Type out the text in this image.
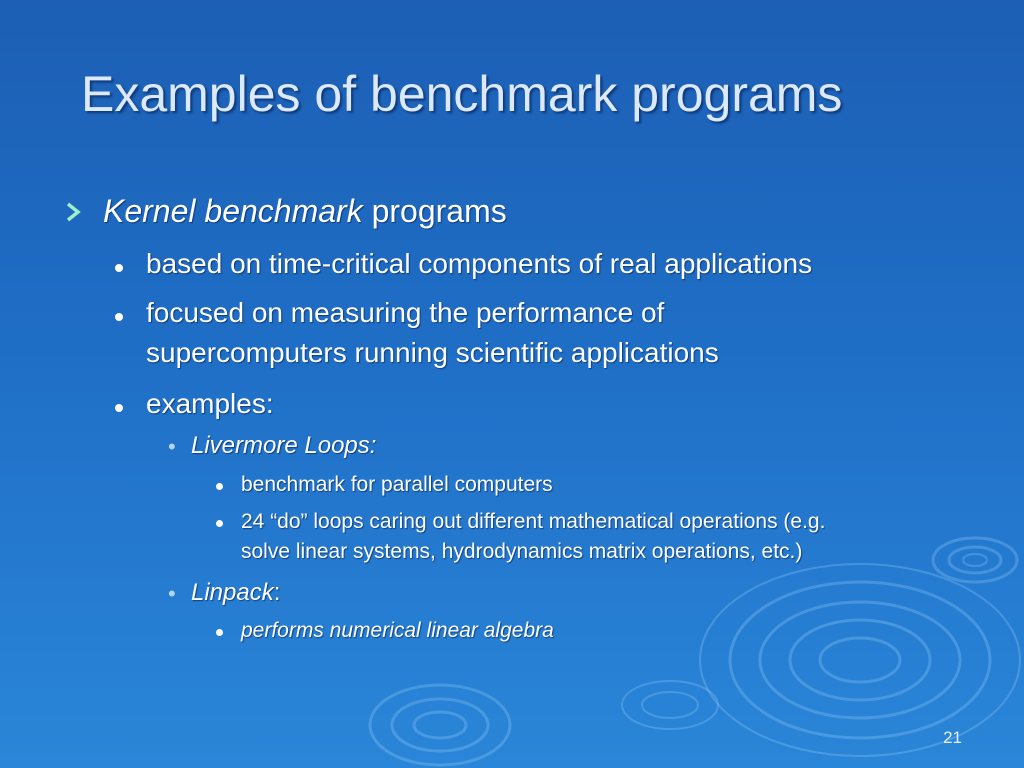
Examples of benchmark programs
Kernel benchmark programs
based on time-critical components of real applications
focused on measuring the performance of
supercomputers running scientific applications
examples:
• Livermore Loops:
benchmark for parallel computers
24 “do” loops caring out different mathematical operations (e.g.
solve linear systems, hydrodynamics matrix operations, etc.)
• Linpack:
performs numerical linear algebra
21
